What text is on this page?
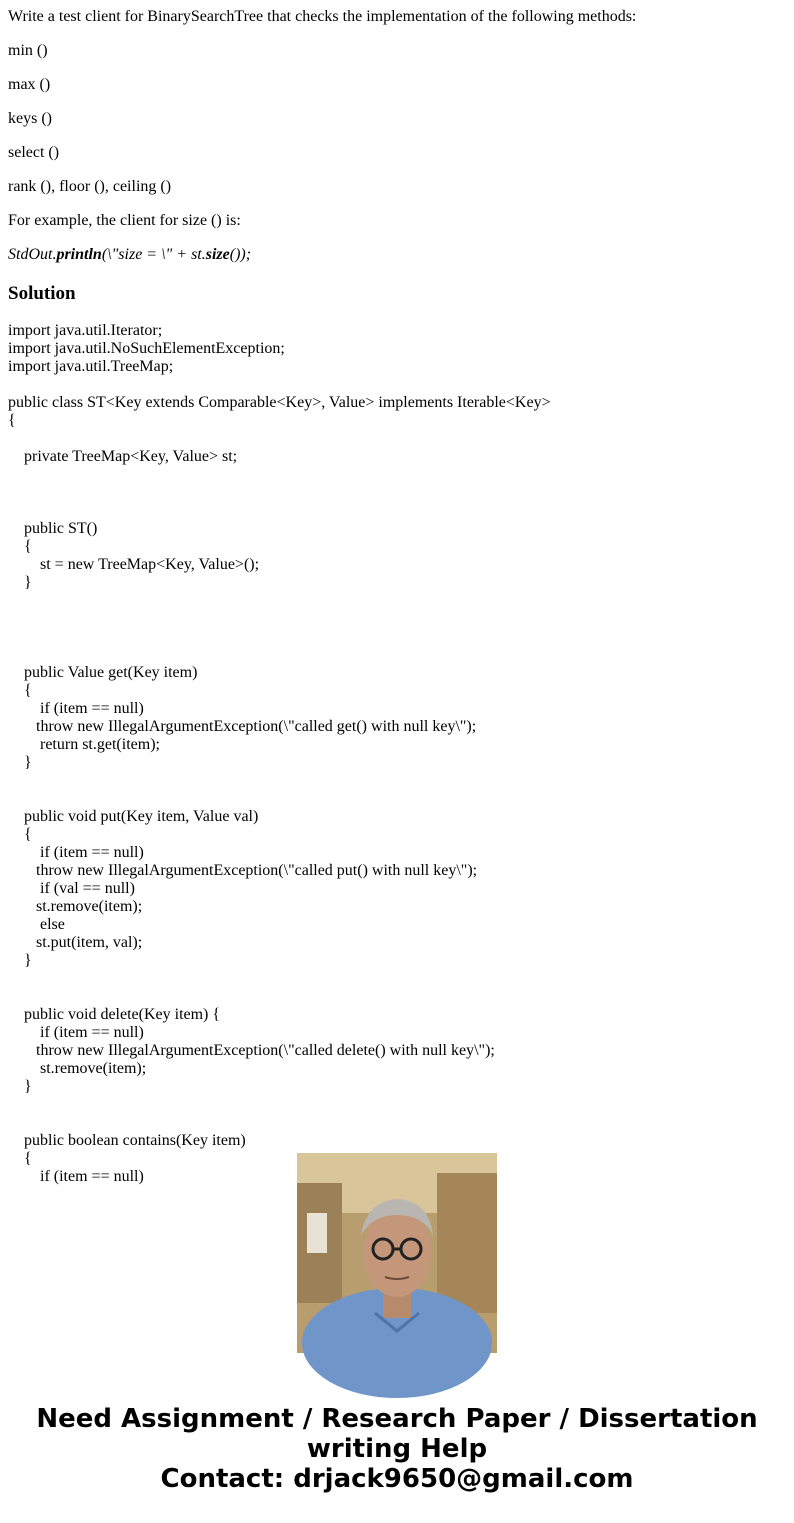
Write a test client for BinarySearchTree that checks the implementation of the following methods:

min ()

max ()

keys ()

select ()

rank (), floor (), ceiling ()

For example, the client for size () is:

StdOut.println(\"size = \" + st.size());

Solution

import java.util.Iterator;

import java.util.NoSuchElementException;

import java.util.TreeMap;

public class ST<Key extends Comparable<Key>, Value> implements Iterable<Key>

{

private TreeMap<Key, Value> st;

public ST()

{

st = new TreeMap<Key, Value>();

}

public Value get(Key item)

{

if (item == null)

throw new IllegalArgumentException(\"called get() with null key\");

return st.get(item);

}

public void put(Key item, Value val)

{

if (item == null)

throw new IllegalArgumentException(\"called put() with null key\");

if (val == null)

st.remove(item);

else

st.put(item, val);

}

public void delete(Key item) {

if (item == null)

throw new IllegalArgumentException(\"called delete() with null key\");

st.remove(item);

}

public boolean contains(Key item)

{

if (item == null)

Need Assignment / Research Paper / Dissertation
writing Help
Contact: drjack9650@gmail.com
